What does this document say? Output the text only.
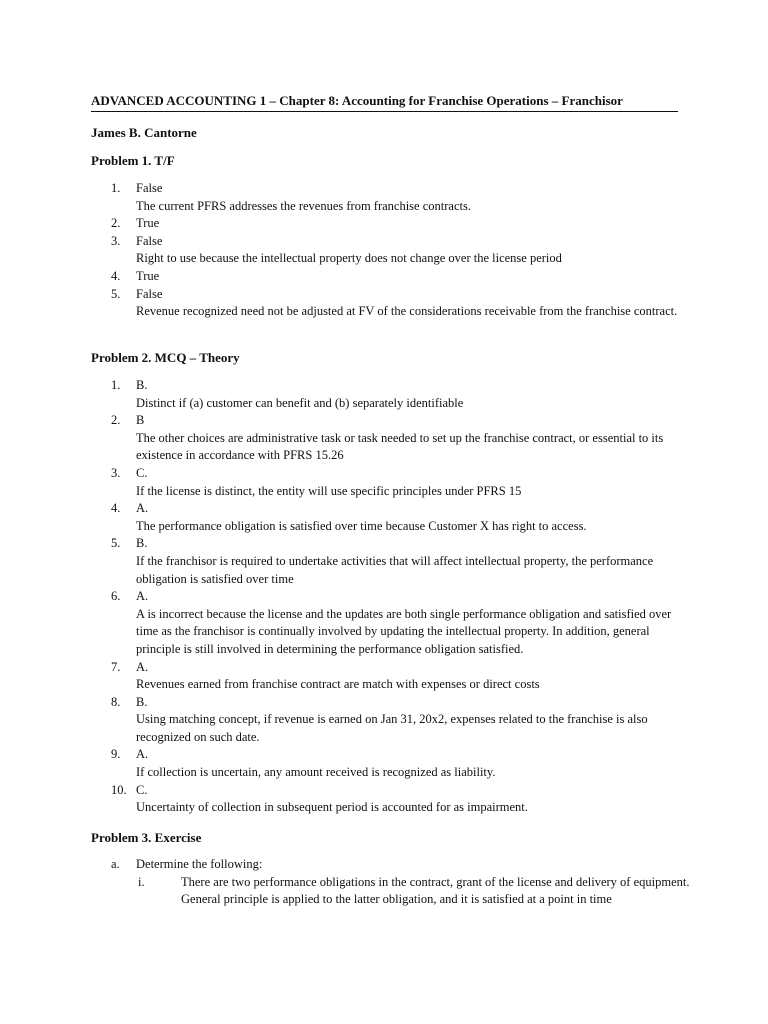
ADVANCED ACCOUNTING 1 – Chapter 8: Accounting for Franchise Operations – Franchisor
James B. Cantorne
Problem 1. T/F
1. False
The current PFRS addresses the revenues from franchise contracts.
2. True
3. False
Right to use because the intellectual property does not change over the license period
4. True
5. False
Revenue recognized need not be adjusted at FV of the considerations receivable from the franchise contract.
Problem 2. MCQ – Theory
1. B.
Distinct if (a) customer can benefit and (b) separately identifiable
2. B
The other choices are administrative task or task needed to set up the franchise contract, or essential to its existence in accordance with PFRS 15.26
3. C.
If the license is distinct, the entity will use specific principles under PFRS 15
4. A.
The performance obligation is satisfied over time because Customer X has right to access.
5. B.
If the franchisor is required to undertake activities that will affect intellectual property, the performance obligation is satisfied over time
6. A.
A is incorrect because the license and the updates are both single performance obligation and satisfied over time as the franchisor is continually involved by updating the intellectual property. In addition, general principle is still involved in determining the performance obligation satisfied.
7. A.
Revenues earned from franchise contract are match with expenses or direct costs
8. B.
Using matching concept, if revenue is earned on Jan 31, 20x2, expenses related to the franchise is also recognized on such date.
9. A.
If collection is uncertain, any amount received is recognized as liability.
10. C.
Uncertainty of collection in subsequent period is accounted for as impairment.
Problem 3. Exercise
a. Determine the following:
i.	There are two performance obligations in the contract, grant of the license and delivery of equipment.
General principle is applied to the latter obligation, and it is satisfied at a point in time
